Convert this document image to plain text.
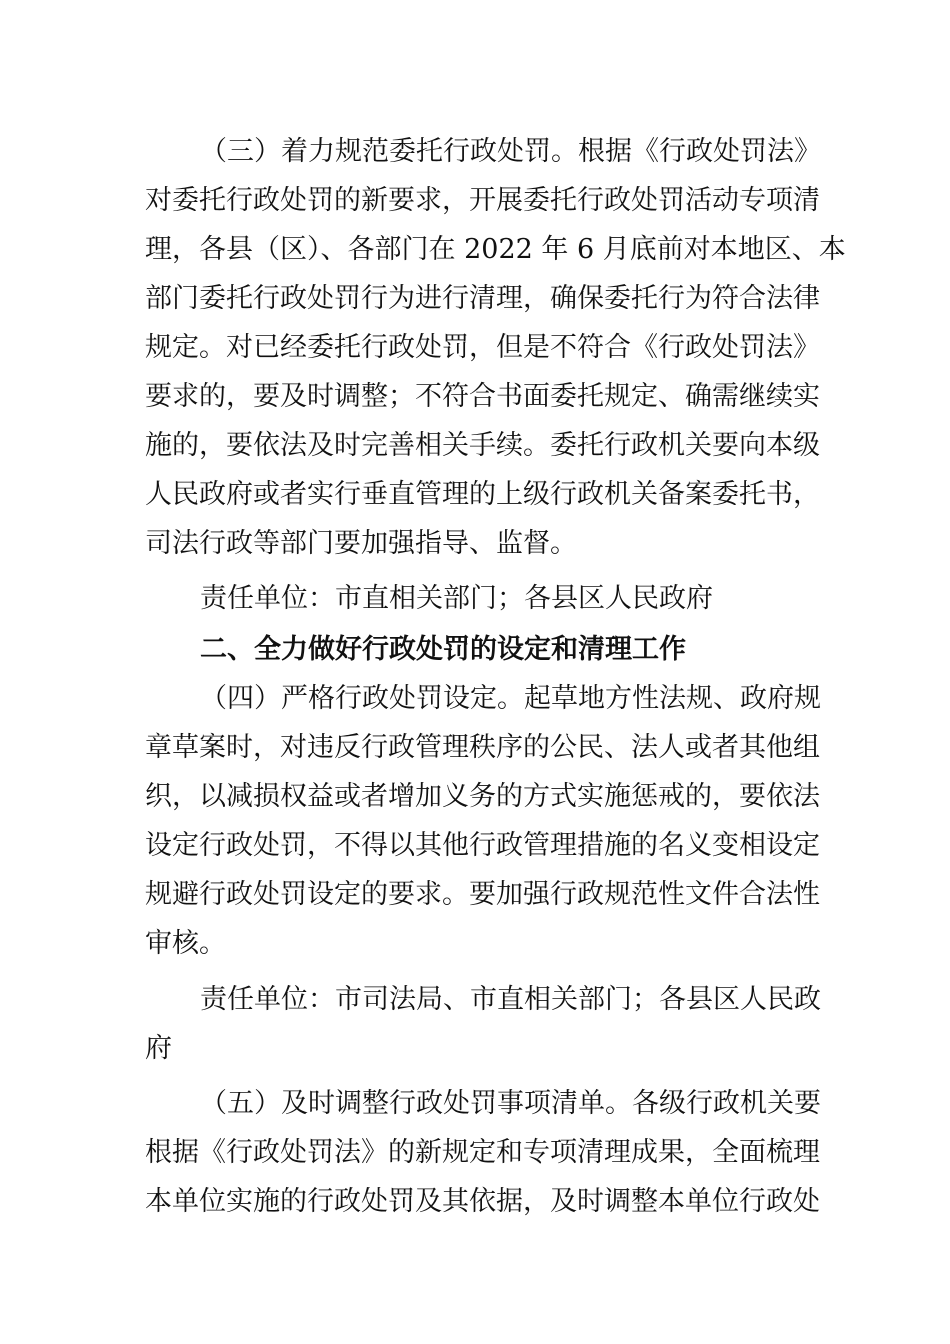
（三）着力规范委托行政处罚。根据《行政处罚法》
对委托行政处罚的新要求，开展委托行政处罚活动专项清
理，各县（区）、各部门在 2022 年 6 月底前对本地区、本
部门委托行政处罚行为进行清理，确保委托行为符合法律
规定。对已经委托行政处罚，但是不符合《行政处罚法》
要求的，要及时调整；不符合书面委托规定、确需继续实
施的，要依法及时完善相关手续。委托行政机关要向本级
人民政府或者实行垂直管理的上级行政机关备案委托书，
司法行政等部门要加强指导、监督。
责任单位：市直相关部门；各县区人民政府
二、全力做好行政处罚的设定和清理工作
（四）严格行政处罚设定。起草地方性法规、政府规
章草案时，对违反行政管理秩序的公民、法人或者其他组
织，以减损权益或者增加义务的方式实施惩戒的，要依法
设定行政处罚，不得以其他行政管理措施的名义变相设定
规避行政处罚设定的要求。要加强行政规范性文件合法性
审核。
责任单位：市司法局、市直相关部门；各县区人民政
府
（五）及时调整行政处罚事项清单。各级行政机关要
根据《行政处罚法》的新规定和专项清理成果，全面梳理
本单位实施的行政处罚及其依据，及时调整本单位行政处
